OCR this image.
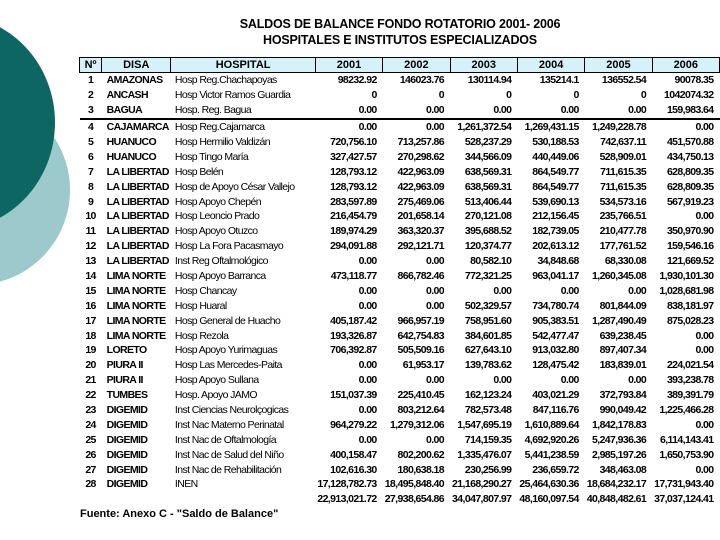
SALDOS DE BALANCE FONDO ROTATORIO 2001- 2006
HOSPITALES E INSTITUTOS ESPECIALIZADOS
Nº	DISA	HOSPITAL	2001	2002	2003	2004	2005	2006
1	AMAZONAS	Hosp Reg.Chachapoyas	98232.92	146023.76	130114.94	135214.1	136552.54	90078.35
2	ANCASH	Hosp Victor Ramos Guardia	0	0	0	0	0	1042074.32
3	BAGUA	Hosp. Reg. Bagua	0.00	0.00	0.00	0.00	0.00	159,983.64
4	CAJAMARCA	Hosp Reg.Cajamarca	0.00	0.00	1,261,372.54	1,269,431.15	1,249,228.78	0.00
5	HUANUCO	Hosp Hermilio Valdizán	720,756.10	713,257.86	528,237.29	530,188.53	742,637.11	451,570.88
6	HUANUCO	Hosp Tingo María	327,427.57	270,298.62	344,566.09	440,449.06	528,909.01	434,750.13
7	LA LIBERTAD	Hosp Belén	128,793.12	422,963.09	638,569.31	864,549.77	711,615.35	628,809.35
8	LA LIBERTAD	Hosp de Apoyo César Vallejo	128,793.12	422,963.09	638,569.31	864,549.77	711,615.35	628,809.35
9	LA LIBERTAD	Hosp Apoyo Chepén	283,597.89	275,469.06	513,406.44	539,690.13	534,573.16	567,919.23
10	LA LIBERTAD	Hosp Leoncio Prado	216,454.79	201,658.14	270,121.08	212,156.45	235,766.51	0.00
11	LA LIBERTAD	Hosp Apoyo Otuzco	189,974.29	363,320.37	395,688.52	182,739.05	210,477.78	350,970.90
12	LA LIBERTAD	Hosp La Fora Pacasmayo	294,091.88	292,121.71	120,374.77	202,613.12	177,761.52	159,546.16
13	LA LIBERTAD	Inst Reg Oftalmológico	0.00	0.00	80,582.10	34,848.68	68,330.08	121,669.52
14	LIMA NORTE	Hosp Apoyo Barranca	473,118.77	866,782.46	772,321.25	963,041.17	1,260,345.08	1,930,101.30
15	LIMA NORTE	Hosp Chancay	0.00	0.00	0.00	0.00	0.00	1,028,681.98
16	LIMA NORTE	Hosp Huaral	0.00	0.00	502,329.57	734,780.74	801,844.09	838,181.97
17	LIMA NORTE	Hosp General de Huacho	405,187.42	966,957.19	758,951.60	905,383.51	1,287,490.49	875,028.23
18	LIMA NORTE	Hosp Rezola	193,326.87	642,754.83	384,601.85	542,477.47	639,238.45	0.00
19	LORETO	Hosp Apoyo Yurimaguas	706,392.87	505,509.16	627,643.10	913,032.80	897,407.34	0.00
20	PIURA II	Hosp Las Mercedes-Paita	0.00	61,953.17	139,783.62	128,475.42	183,839.01	224,021.54
21	PIURA II	Hosp Apoyo Sullana	0.00	0.00	0.00	0.00	0.00	393,238.78
22	TUMBES	Hosp. Apoyo JAMO	151,037.39	225,410.45	162,123.24	403,021.29	372,793.84	389,391.79
23	DIGEMID	Inst Ciencias Neurolçogicas	0.00	803,212.64	782,573.48	847,116.76	990,049.42	1,225,466.28
24	DIGEMID	Inst Nac Materno Perinatal	964,279.22	1,279,312.06	1,547,695.19	1,610,889.64	1,842,178.83	0.00
25	DIGEMID	Inst Nac de Oftalmología	0.00	0.00	714,159.35	4,692,920.26	5,247,936.36	6,114,143.41
26	DIGEMID	Inst Nac de Salud del Niño	400,158.47	802,200.62	1,335,476.07	5,441,238.59	2,985,197.26	1,650,753.90
27	DIGEMID	Inst Nac de Rehabilitación	102,616.30	180,638.18	230,256.99	236,659.72	348,463.08	0.00
28	DIGEMID	INEN	17,128,782.73	18,495,848.40	21,168,290.27	25,464,630.36	18,684,232.17	17,731,943.40
			22,913,021.72	27,938,654.86	34,047,807.97	48,160,097.54	40,848,482.61	37,037,124.41
Fuente: Anexo C - "Saldo de Balance"
